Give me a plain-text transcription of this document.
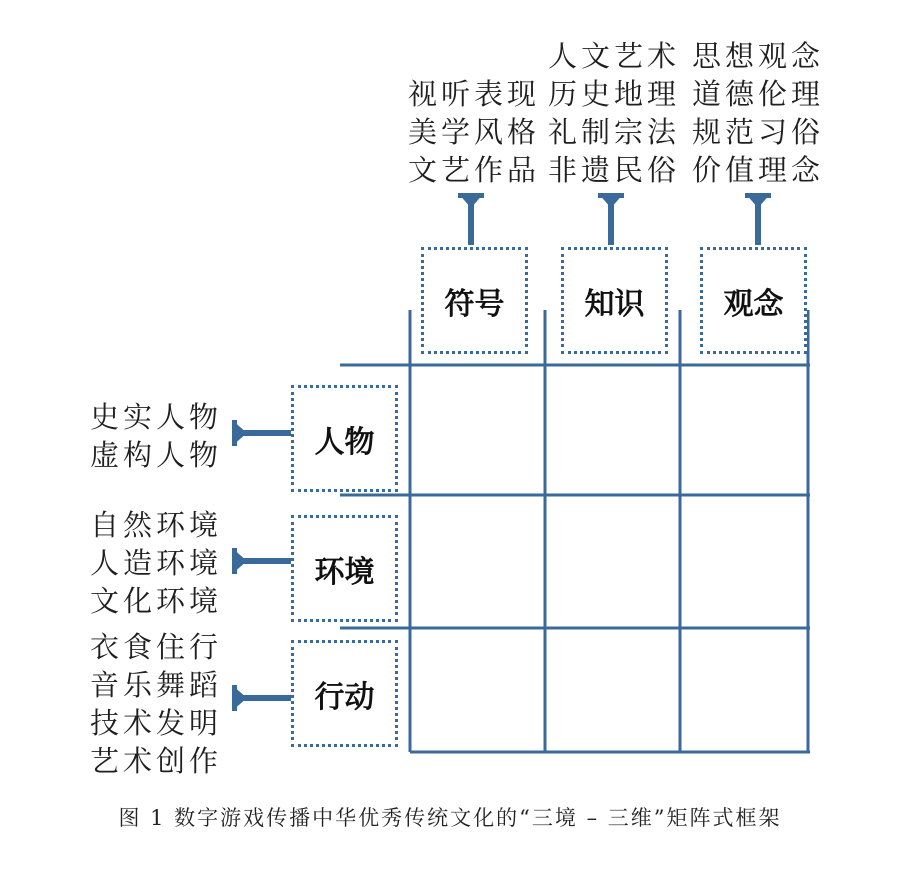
视听表现
美学风格
文艺作品
人文艺术
历史地理
礼制宗法
非遗民俗
思想观念
道德伦理
规范习俗
价值理念
符号	知识	观念
人物
环境
行动
史实人物
虚构人物
自然环境
人造环境
文化环境
衣食住行
音乐舞蹈
技术发明
艺术创作
图 1 数字游戏传播中华优秀传统文化的“三境 – 三维”矩阵式框架
